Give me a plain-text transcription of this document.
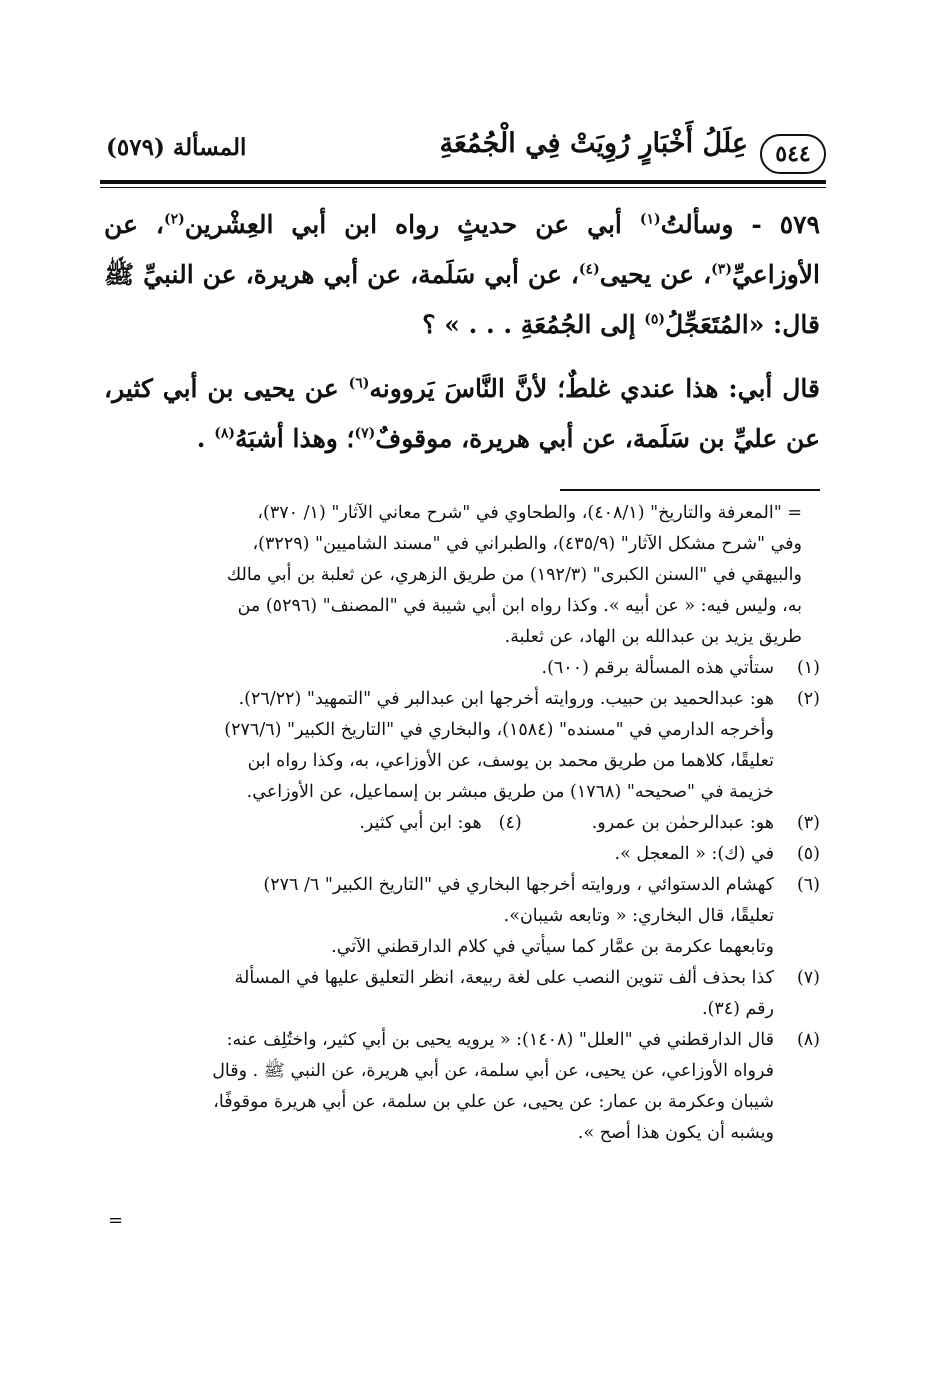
٥٤٤
عِلَلُ أَخْبَارٍ رُوِيَتْ فِي الْجُمُعَةِ
المسألة (٥٧٩)

٥٧٩ - وسألتُ$^{(١)}$ أبي عن حديثٍ رواه ابن أبي العِشْرين$^{(٢)}$، عن الأوزاعيِّ$^{(٣)}$، عن يحيى$^{(٤)}$، عن أبي سَلَمة، عن أبي هريرة، عن النبيِّ ﷺ قال: «المُتَعَجِّلُ$^{(٥)}$ إلى الجُمُعَةِ . . . » ؟

قال أبي: هذا عندي غلطٌ؛ لأنَّ النَّاسَ يَروونه$^{(٦)}$ عن يحيى بن أبي كثير، عن عليِّ بن سَلَمة، عن أبي هريرة، موقوفٌ$^{(٧)}$؛ وهذا أشبَهُ$^{(٨)}$ .

= "المعرفة والتاريخ" (٤٠٨/١)، والطحاوي في "شرح معاني الآثار" (١/ ٣٧٠)،
وفي "شرح مشكل الآثار" (٤٣٥/٩)، والطبراني في "مسند الشاميين" (٣٢٢٩)،
والبيهقي في "السنن الكبرى" (١٩٢/٣) من طريق الزهري، عن ثعلبة بن أبي مالك
به، وليس فيه: « عن أبيه ». وكذا رواه ابن أبي شيبة في "المصنف" (٥٢٩٦) من
طريق يزيد بن عبدالله بن الهاد، عن ثعلبة.
(١)
ستأتي هذه المسألة برقم (٦٠٠).
(٢)
هو: عبدالحميد بن حبيب. وروايته أخرجها ابن عبدالبر في "التمهيد" (٢٦/٢٢).
وأخرجه الدارمي في "مسنده" (١٥٨٤)، والبخاري في "التاريخ الكبير" (٢٧٦/٦)
تعليقًا، كلاهما من طريق محمد بن يوسف، عن الأوزاعي، به، وكذا رواه ابن
خزيمة في "صحيحه" (١٧٦٨) من طريق مبشر بن إسماعيل، عن الأوزاعي.
(٣)
هو: عبدالرحمٰن بن عمرو.
(٤)
هو: ابن أبي كثير.
(٥)
في (ك): « المعجل ».
(٦)
كهشام الدستوائي ، وروايته أخرجها البخاري في "التاريخ الكبير" ٦/ ٢٧٦)
تعليقًا، قال البخاري: « وتابعه شيبان».
وتابعهما عكرمة بن عمَّار كما سيأتي في كلام الدارقطني الآتي.
(٧)
كذا بحذف ألف تنوين النصب على لغة ربيعة، انظر التعليق عليها في المسألة
رقم (٣٤).
(٨)
قال الدارقطني في "العلل" (١٤٠٨): « يرويه يحيى بن أبي كثير، واختُلِف عنه:
فرواه الأوزاعي، عن يحيى، عن أبي سلمة، عن أبي هريرة، عن النبي ﷺ . وقال
شيبان وعكرمة بن عمار: عن يحيى، عن علي بن سلمة، عن أبي هريرة موقوفًا،
ويشبه أن يكون هذا أصح ».
=
